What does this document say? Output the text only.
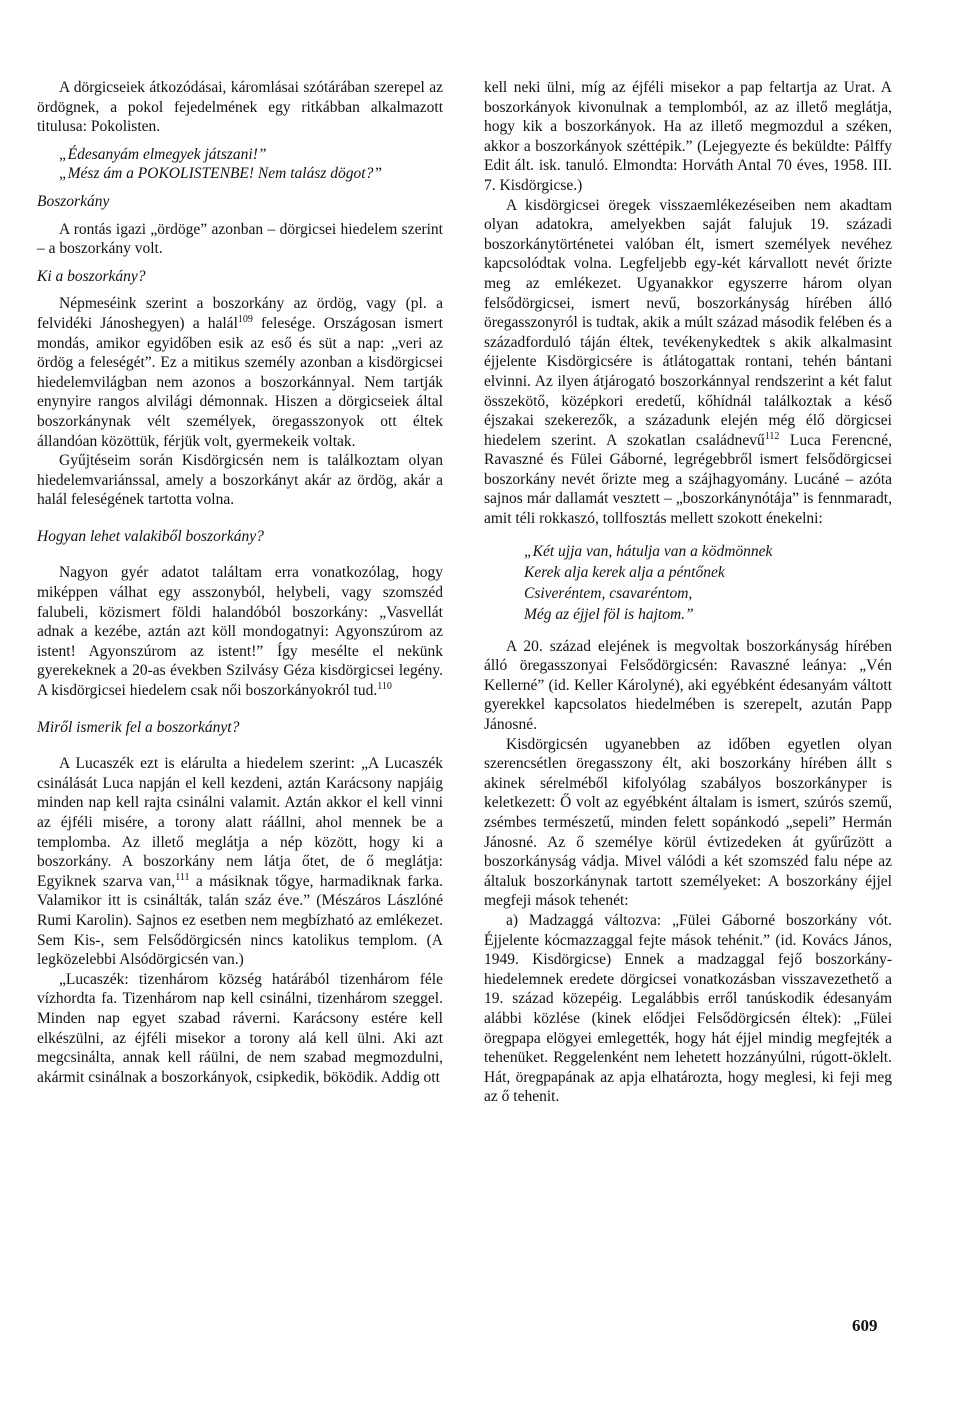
A dörgicseiek átkozódásai, káromlásai szótárában szerepel az ördögnek, a pokol fejedelmének egy ritkábban alkalmazott titulusa: Pokolisten.

„Édesanyám elmegyek játszani!”

„Mész ám a POKOLISTENBE! Nem talász dögot?”

Boszorkány

A rontás igazi „ördöge” azonban – dörgicsei hiedelem szerint – a boszorkány volt.

Ki a boszorkány?

Népmeséink szerint a boszorkány az ördög, vagy (pl. a felvidéki Jánoshegyen) a halál$^{109}$ felesége. Országosan ismert mondás, amikor egyidőben esik az eső és süt a nap: „veri az ördög a feleségét”. Ez a mitikus személy azonban a kisdörgicsei hiedelemvilágban nem azonos a boszorkánnyal. Nem tartják enynyire rangos alvilági démonnak. Hiszen a dörgicseiek által boszorkánynak vélt személyek, öregasszonyok ott éltek állandóan közöttük, férjük volt, gyermekeik voltak.

Gyűjtéseim során Kisdörgicsén nem is találkoztam olyan hiedelemvariánssal, amely a boszorkányt akár az ördög, akár a halál feleségének tartotta volna.

Hogyan lehet valakiből boszorkány?

Nagyon gyér adatot találtam erra vonatkozólag, hogy miképpen válhat egy asszonyból, helybeli, vagy szomszéd falubeli, közismert földi halandóból boszorkány: „Vasvellát adnak a kezébe, aztán azt köll mondogatnyi: Agyonszúrom az istent! Agyonszúrom az istent!” Így mesélte el nekünk gyerekeknek a 20-as években Szilvásy Géza kisdörgicsei legény. A kisdörgicsei hiedelem csak női boszorkányokról tud.$^{110}$

Miről ismerik fel a boszorkányt?

A Lucaszék ezt is elárulta a hiedelem szerint: „A Lucaszék csinálását Luca napján el kell kezdeni, aztán Karácsony napjáig minden nap kell rajta csinálni valamit. Aztán akkor el kell vinni az éjféli misére, a torony alatt ráállni, ahol mennek be a templomba. Az illető meglátja a nép között, hogy ki a boszorkány. A boszorkány nem látja őtet, de ő meglátja: Egyiknek szarva van,$^{111}$ a másiknak tőgye, harmadiknak farka. Valamikor itt is csinálták, talán száz éve.” (Mészáros Lászlóné Rumi Karolin). Sajnos ez esetben nem megbízható az emlékezet. Sem Kis-, sem Felsődörgicsén nincs katolikus templom. (A legközelebbi Alsódörgicsén van.)

„Lucaszék: tizenhárom község határából tizenhárom féle vízhordta fa. Tizenhárom nap kell csinálni, tizenhárom szeggel. Minden nap egyet szabad ráverni. Karácsony estére kell elkészülni, az éjféli misekor a torony alá kell ülni. Aki azt megcsinálta, annak kell ráülni, de nem szabad megmozdulni, akármit csinálnak a boszorkányok, csipkedik, böködik. Addig ott

kell neki ülni, míg az éjféli misekor a pap feltartja az Urat. A boszorkányok kivonulnak a templomból, az az illető meglátja, hogy kik a boszorkányok. Ha az illető megmozdul a széken, akkor a boszorkányok széttépik.” (Lejegyezte és beküldte: Pálffy Edit ált. isk. tanuló. Elmondta: Horváth Antal 70 éves, 1958. III. 7. Kisdörgicse.)

A kisdörgicsei öregek visszaemlékezéseiben nem akadtam olyan adatokra, amelyekben saját falujuk 19. századi boszorkánytörténetei valóban élt, ismert személyek nevéhez kapcsolódtak volna. Legfeljebb egy-két kárvallott nevét őrizte meg az emlékezet. Ugyanakkor egyszerre három olyan felsődörgicsei, ismert nevű, boszorkányság hírében álló öregasszonyról is tudtak, akik a múlt század második felében és a századforduló táján éltek, tevékenykedtek s akik alkalmasint éjjelente Kisdörgicsére is átlátogattak rontani, tehén bántani elvinni. Az ilyen átjárogató boszorkánnyal rendszerint a két falut összekötő, középkori eredetű, kőhídnál találkoztak a késő éjszakai szekerezők, a századunk elején még élő dörgicsei hiedelem szerint. A szokatlan családnevű$^{112}$ Luca Ferencné, Ravaszné és Fülei Gáborné, legrégebbről ismert felsődörgicsei boszorkány nevét őrizte meg a szájhagyomány. Lucáné – azóta sajnos már dallamát vesztett – „boszorkánynótája” is fennmaradt, amit téli rokkaszó, tollfosztás mellett szokott énekelni:

„Két ujja van, hátulja van a ködmönnek
Kerek alja kerek alja a péntőnek
Csiveréntem, csavaréntom,
Még az éjjel föl is hajtom.”

A 20. század elejének is megvoltak boszorkányság hírében álló öregasszonyai Felsődörgicsén: Ravaszné leánya: „Vén Kellerné” (id. Keller Károlyné), aki egyébként édesanyám váltott gyerekkel kapcsolatos hiedelmében is szerepelt, azután Papp Jánosné.

Kisdörgicsén ugyanebben az időben egyetlen olyan szerencsétlen öregasszony élt, aki boszorkány hírében állt s akinek sérelméből kifolyólag szabályos boszorkányper is keletkezett: Ő volt az egyébként általam is ismert, szúrós szemű, zsémbes természetű, minden felett sopánkodó „sepeli” Hermán Jánosné. Az ő személye körül évtizedeken át gyűrűzött a boszorkányság vádja. Mivel válódi a két szomszéd falu népe az általuk boszorkánynak tartott személyeket: A boszorkány éjjel megfeji mások tehenét:

a) Madzaggá változva: „Fülei Gáborné boszorkány vót. Éjjelente kócmazzaggal fejte mások tehénit.” (id. Kovács János, 1949. Kisdörgicse) Ennek a madzaggal fejő boszorkány-hiedelemnek eredete dörgicsei vonatkozásban visszavezethető a 19. század közepéig. Legalábbis erről tanúskodik édesanyám alábbi közlése (kinek elődjei Felsődörgicsén éltek): „Fülei öregpapa elögyei emlegették, hogy hát éjjel mindig megfejték a tehenüket. Reggelenként nem lehetett hozzányúlni, rúgott-öklelt. Hát, öregpapának az apja elhatározta, hogy meglesi, ki feji meg az ő tehenit.

609
